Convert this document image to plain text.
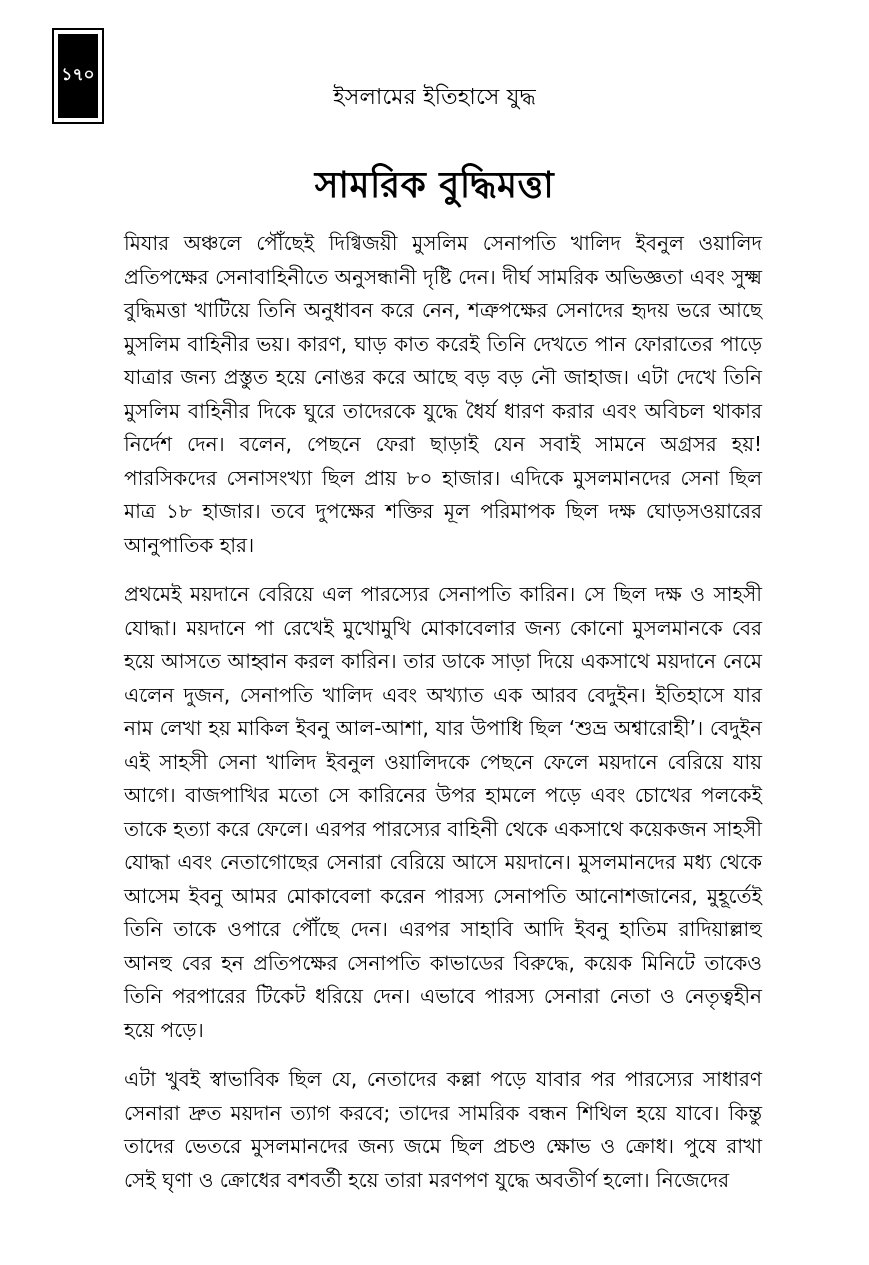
১৭০
ইসলামের ইতিহাসে যুদ্ধ
সামরিক বুদ্ধিমত্তা

মিযার অঞ্চলে পৌঁছেই দিগ্বিজয়ী মুসলিম সেনাপতি খালিদ ইবনুল ওয়ালিদ প্রতিপক্ষের সেনাবাহিনীতে অনুসন্ধানী দৃষ্টি দেন। দীর্ঘ সামরিক অভিজ্ঞতা এবং সুক্ষ্ম বুদ্ধিমত্তা খাটিয়ে তিনি অনুধাবন করে নেন, শত্রুপক্ষের সেনাদের হৃদয় ভরে আছে মুসলিম বাহিনীর ভয়। কারণ, ঘাড় কাত করেই তিনি দেখতে পান ফোরাতের পাড়ে যাত্রার জন্য প্রস্তুত হয়ে নোঙর করে আছে বড় বড় নৌ জাহাজ। এটা দেখে তিনি মুসলিম বাহিনীর দিকে ঘুরে তাদেরকে যুদ্ধে ধৈর্য ধারণ করার এবং অবিচল থাকার নির্দেশ দেন। বলেন, পেছনে ফেরা ছাড়াই যেন সবাই সামনে অগ্রসর হয়! পারসিকদের সেনাসংখ্যা ছিল প্রায় ৮০ হাজার। এদিকে মুসলমানদের সেনা ছিল মাত্র ১৮ হাজার। তবে দুপক্ষের শক্তির মূল পরিমাপক ছিল দক্ষ ঘোড়সওয়ারের আনুপাতিক হার।

প্রথমেই ময়দানে বেরিয়ে এল পারস্যের সেনাপতি কারিন। সে ছিল দক্ষ ও সাহসী যোদ্ধা। ময়দানে পা রেখেই মুখোমুখি মোকাবেলার জন্য কোনো মুসলমানকে বের হয়ে আসতে আহ্বান করল কারিন। তার ডাকে সাড়া দিয়ে একসাথে ময়দানে নেমে এলেন দুজন, সেনাপতি খালিদ এবং অখ্যাত এক আরব বেদুইন। ইতিহাসে যার নাম লেখা হয় মাকিল ইবনু আল-আশা, যার উপাধি ছিল ‘শুভ্র অশ্বারোহী’। বেদুইন এই সাহসী সেনা খালিদ ইবনুল ওয়ালিদকে পেছনে ফেলে ময়দানে বেরিয়ে যায় আগে। বাজপাখির মতো সে কারিনের উপর হামলে পড়ে এবং চোখের পলকেই তাকে হত্যা করে ফেলে। এরপর পারস্যের বাহিনী থেকে একসাথে কয়েকজন সাহসী যোদ্ধা এবং নেতাগোছের সেনারা বেরিয়ে আসে ময়দানে। মুসলমানদের মধ্য থেকে আসেম ইবনু আমর মোকাবেলা করেন পারস্য সেনাপতি আনোশজানের, মুহূর্তেই তিনি তাকে ওপারে পৌঁছে দেন। এরপর সাহাবি আদি ইবনু হাতিম রাদিয়াল্লাহু আনহু বের হন প্রতিপক্ষের সেনাপতি কাভাডের বিরুদ্ধে, কয়েক মিনিটে তাকেও তিনি পরপারের টিকেট ধরিয়ে দেন। এভাবে পারস্য সেনারা নেতা ও নেতৃত্বহীন হয়ে পড়ে।

এটা খুবই স্বাভাবিক ছিল যে, নেতাদের কল্লা পড়ে যাবার পর পারস্যের সাধারণ সেনারা দ্রুত ময়দান ত্যাগ করবে; তাদের সামরিক বন্ধন শিথিল হয়ে যাবে। কিন্তু তাদের ভেতরে মুসলমানদের জন্য জমে ছিল প্রচণ্ড ক্ষোভ ও ক্রোধ। পুষে রাখা সেই ঘৃণা ও ক্রোধের বশবর্তী হয়ে তারা মরণপণ যুদ্ধে অবতীর্ণ হলো। নিজেদের
